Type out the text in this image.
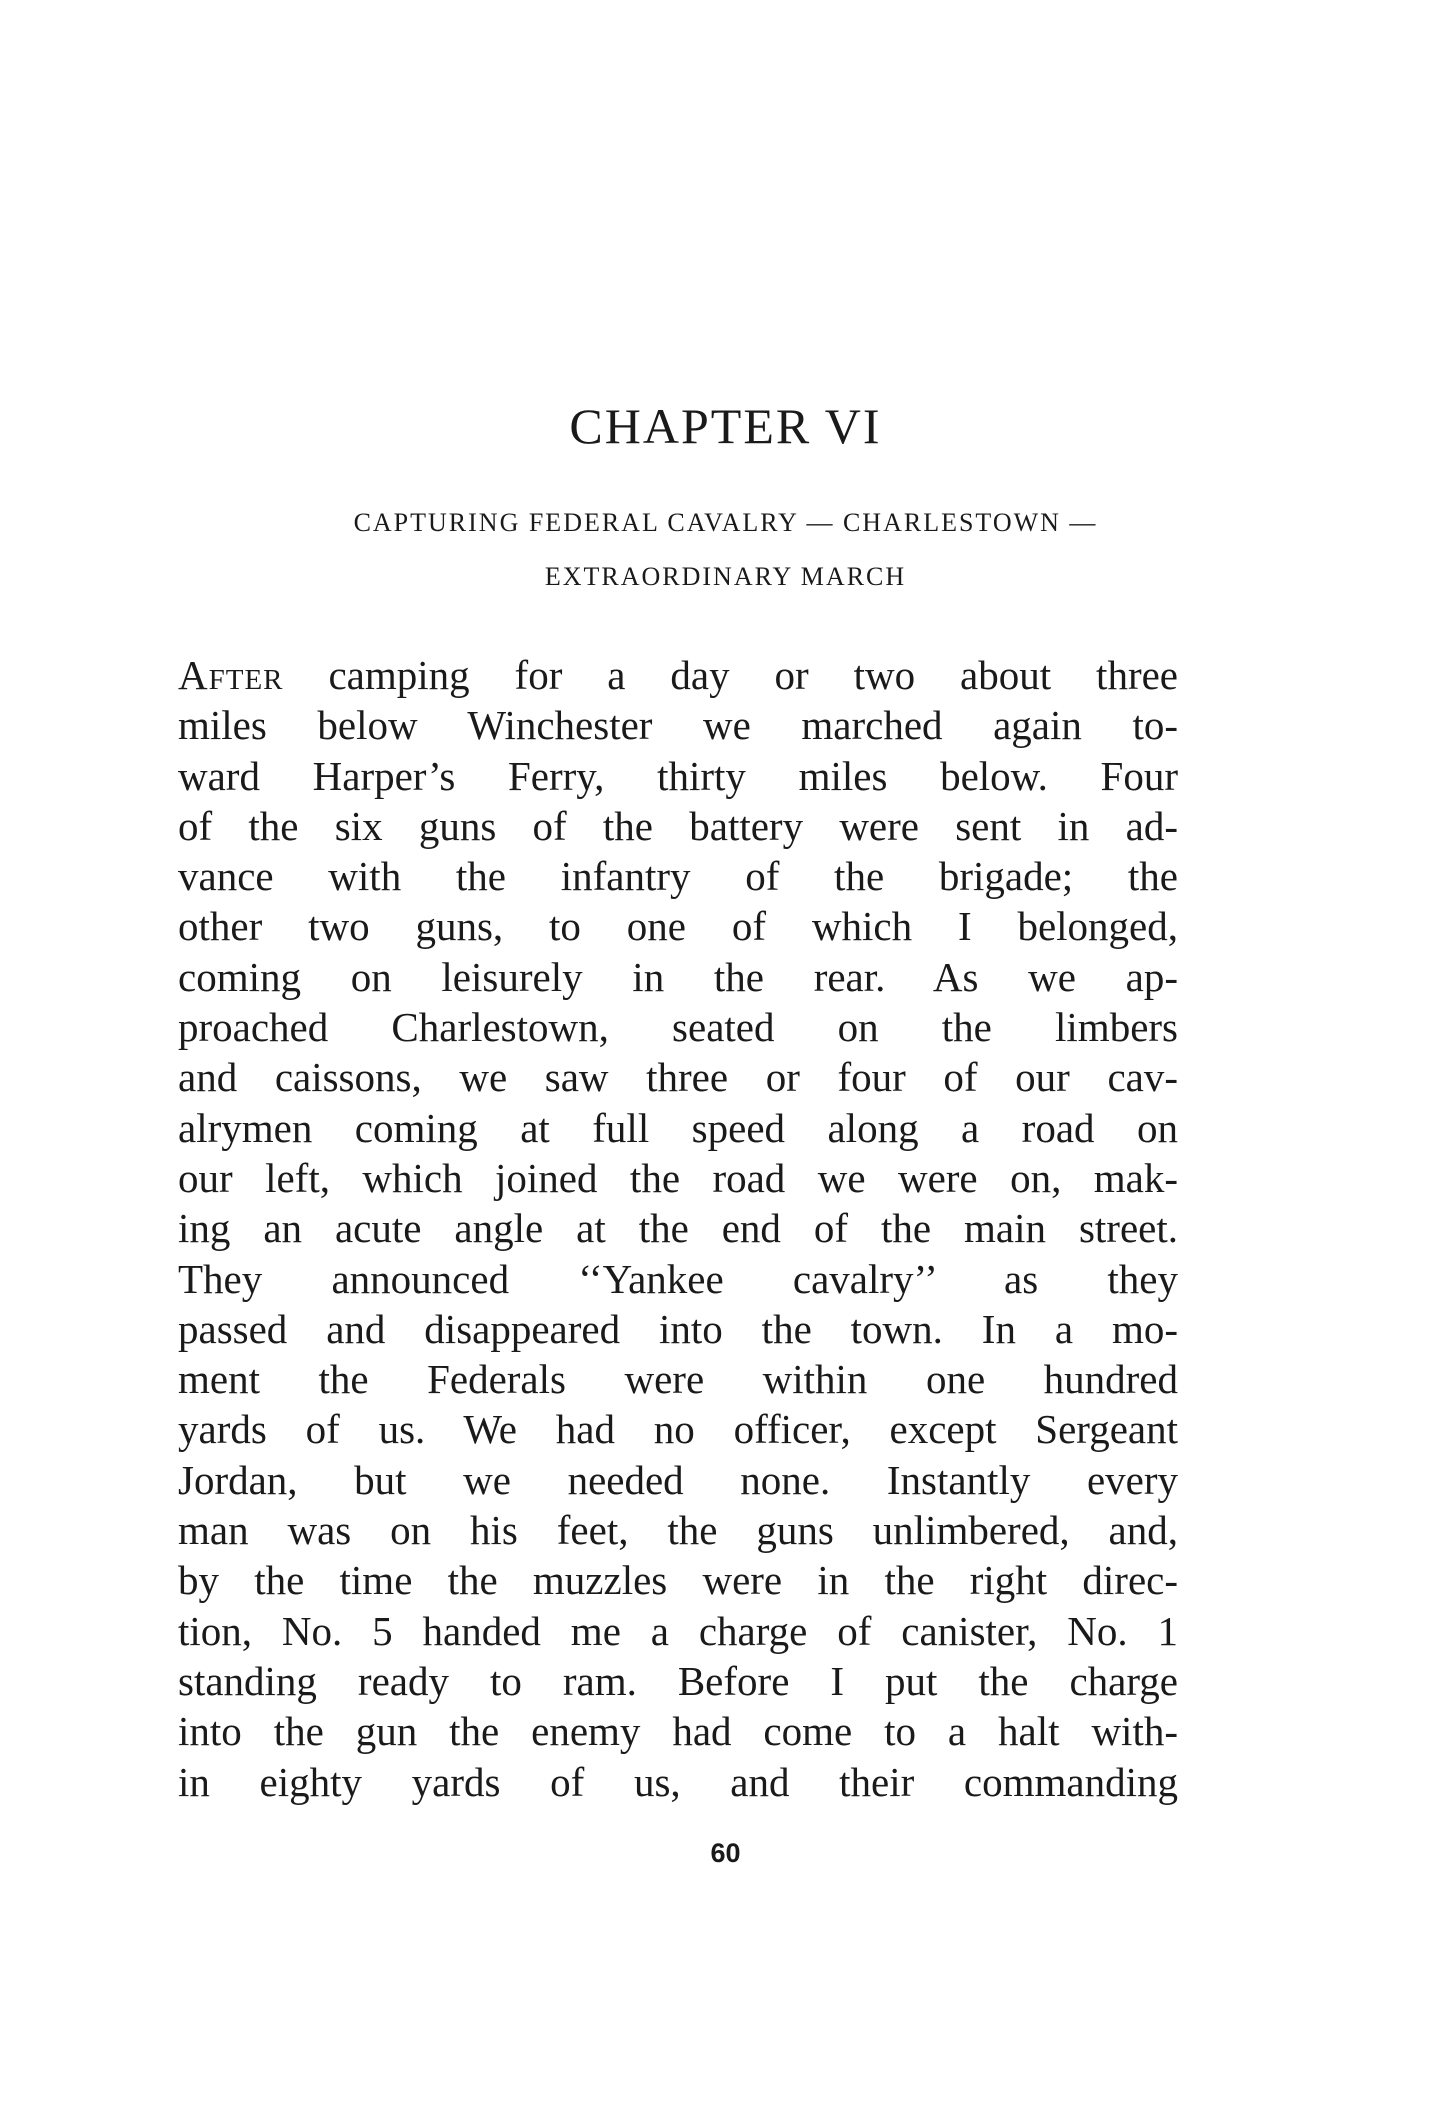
CHAPTER VI

CAPTURING FEDERAL CAVALRY — CHARLESTOWN —

EXTRAORDINARY MARCH

After camping for a day or two about three
miles below Winchester we marched again to-
ward Harper’s Ferry, thirty miles below. Four
of the six guns of the battery were sent in ad-
vance with the infantry of the brigade; the
other two guns, to one of which I belonged,
coming on leisurely in the rear. As we ap-
proached Charlestown, seated on the limbers
and caissons, we saw three or four of our cav-
alrymen coming at full speed along a road on
our left, which joined the road we were on, mak-
ing an acute angle at the end of the main street.
They announced ‘‘Yankee cavalry’’ as they
passed and disappeared into the town. In a mo-
ment the Federals were within one hundred
yards of us. We had no officer, except Sergeant
Jordan, but we needed none. Instantly every
man was on his feet, the guns unlimbered, and,
by the time the muzzles were in the right direc-
tion, No. 5 handed me a charge of canister, No. 1
standing ready to ram. Before I put the charge
into the gun the enemy had come to a halt with-
in eighty yards of us, and their commanding

60
